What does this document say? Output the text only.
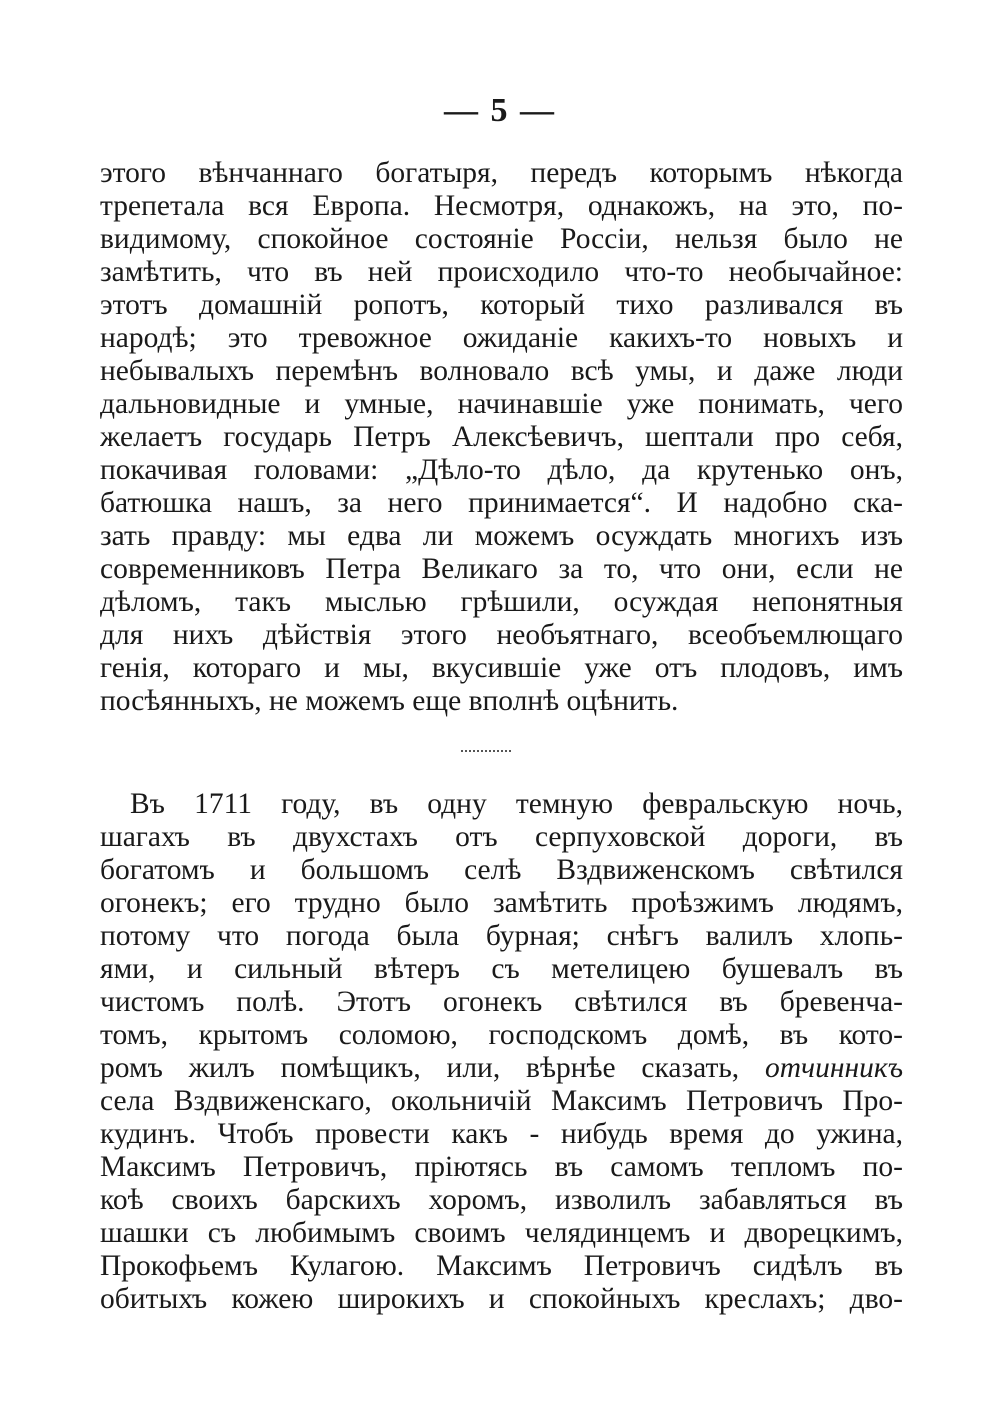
— 5 —
этого вѣнчаннаго богатыря, передъ которымъ нѣкогда
трепетала вся Европа. Несмотря, однакожъ, на это, по-
видимому, спокойное состояніе Россіи, нельзя было не
замѣтить, что въ ней происходило что-то необычайное:
этотъ домашній ропотъ, который тихо разливался въ
народѣ; это тревожное ожиданіе какихъ-то новыхъ и
небывалыхъ перемѣнъ волновало всѣ умы, и даже люди
дальновидные и умные, начинавшіе уже понимать, чего
желаетъ государь Петръ Алексѣевичъ, шептали про себя,
покачивая головами: „Дѣло-то дѣло, да крутенько онъ,
батюшка нашъ, за него принимается“. И надобно ска-
зать правду: мы едва ли можемъ осуждать многихъ изъ
современниковъ Петра Великаго за то, что они, если не
дѣломъ, такъ мыслью грѣшили, осуждая непонятныя
для нихъ дѣйствія этого необъятнаго, всеобъемлющаго
генія, котораго и мы, вкусившіе уже отъ плодовъ, имъ
посѣянныхъ, не можемъ еще вполнѣ оцѣнить.
Въ 1711 году, въ одну темную февральскую ночь,
шагахъ въ двухстахъ отъ серпуховской дороги, въ
богатомъ и большомъ селѣ Вздвиженскомъ свѣтился
огонекъ; его трудно было замѣтить проѣзжимъ людямъ,
потому что погода была бурная; снѣгъ валилъ хлопь-
ями, и сильный вѣтеръ съ метелицею бушевалъ въ
чистомъ полѣ. Этотъ огонекъ свѣтился въ бревенча-
томъ, крытомъ соломою, господскомъ домѣ, въ кото-
ромъ жилъ помѣщикъ, или, вѣрнѣе сказать, отчинникъ
села Вздвиженскаго, окольничій Максимъ Петровичъ Про-
кудинъ. Чтобъ провести какъ - нибудь время до ужина,
Максимъ Петровичъ, пріютясь въ самомъ тепломъ по-
коѣ своихъ барскихъ хоромъ, изволилъ забавляться въ
шашки съ любимымъ своимъ челядинцемъ и дворецкимъ,
Прокофьемъ Кулагою. Максимъ Петровичъ сидѣлъ въ
обитыхъ кожею широкихъ и спокойныхъ креслахъ; дво-
